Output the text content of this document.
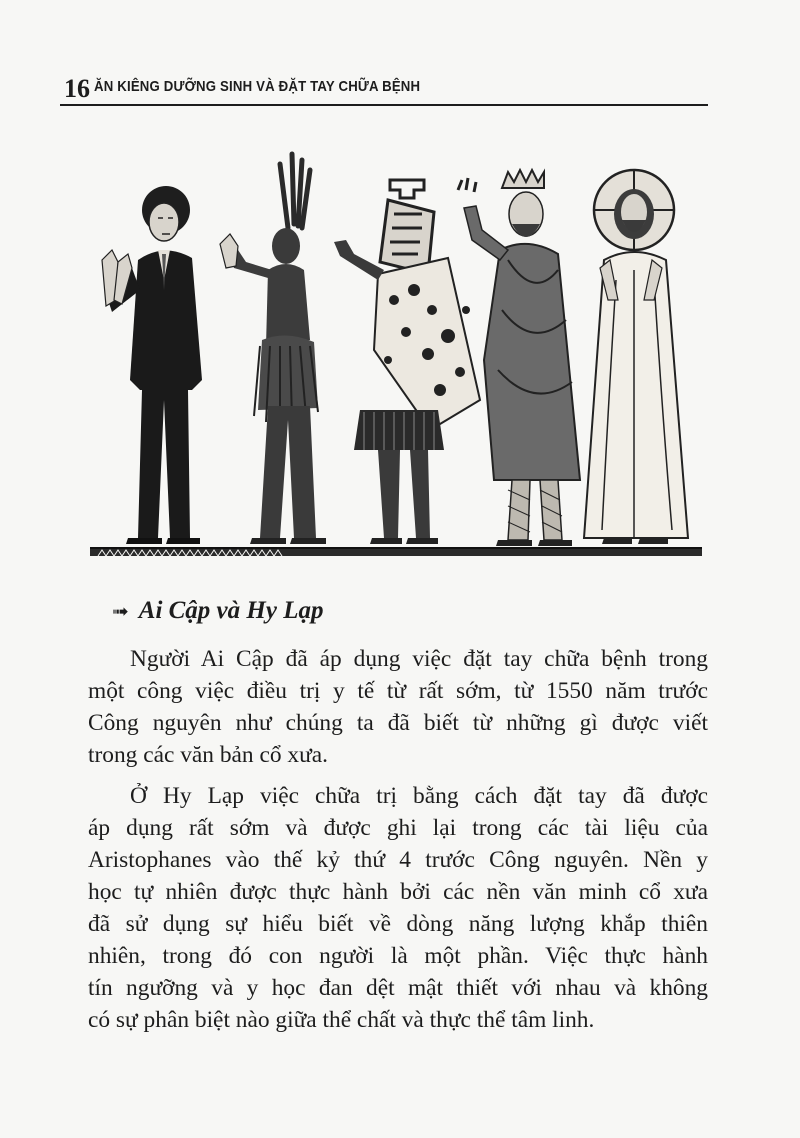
16 ĂN KIÊNG DƯỠNG SINH VÀ ĐẶT TAY CHỮA BỆNH
➟ Ai Cập và Hy Lạp

Người Ai Cập đã áp dụng việc đặt tay chữa bệnh trong
một công việc điều trị y tế từ rất sớm, từ 1550 năm trước
Công nguyên như chúng ta đã biết từ những gì được viết
trong các văn bản cổ xưa.

Ở Hy Lạp việc chữa trị bằng cách đặt tay đã được
áp dụng rất sớm và được ghi lại trong các tài liệu của
Aristophanes vào thế kỷ thứ 4 trước Công nguyên. Nền y
học tự nhiên được thực hành bởi các nền văn minh cổ xưa
đã sử dụng sự hiểu biết về dòng năng lượng khắp thiên
nhiên, trong đó con người là một phần. Việc thực hành
tín ngưỡng và y học đan dệt mật thiết với nhau và không
có sự phân biệt nào giữa thể chất và thực thể tâm linh.
